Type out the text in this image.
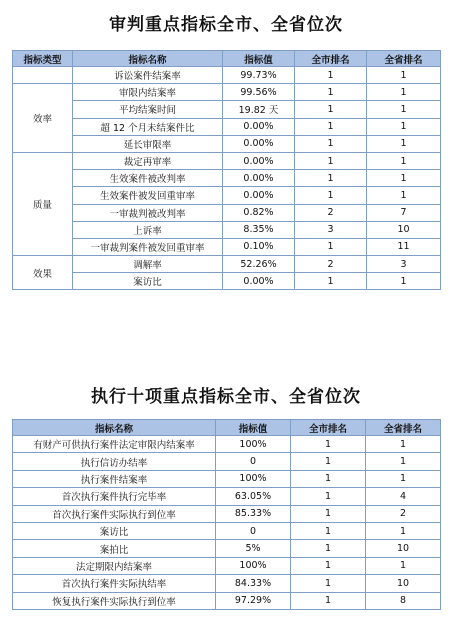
审判重点指标全市、全省位次
指标类型	指标名称	指标值	全市排名	全省排名
	诉讼案件结案率	99.73%	1	1
效率	审限内结案率	99.56%	1	1
	平均结案时间	19.82 天	1	1
	超 12 个月未结案件比	0.00%	1	1
	延长审限率	0.00%	1	1
质量	裁定再审率	0.00%	1	1
	生效案件被改判率	0.00%	1	1
	生效案件被发回重审率	0.00%	1	1
	一审裁判被改判率	0.82%	2	7
	上诉率	8.35%	3	10
	一审裁判案件被发回重审率	0.10%	1	11
效果	调解率	52.26%	2	3
	案访比	0.00%	1	1
执行十项重点指标全市、全省位次
指标名称	指标值	全市排名	全省排名
有财产可供执行案件法定审限内结案率	100%	1	1
执行信访办结率	0	1	1
执行案件结案率	100%	1	1
首次执行案件执行完毕率	63.05%	1	4
首次执行案件实际执行到位率	85.33%	1	2
案访比	0	1	1
案拍比	5%	1	10
法定期限内结案率	100%	1	1
首次执行案件实际执结率	84.33%	1	10
恢复执行案件实际执行到位率	97.29%	1	8
